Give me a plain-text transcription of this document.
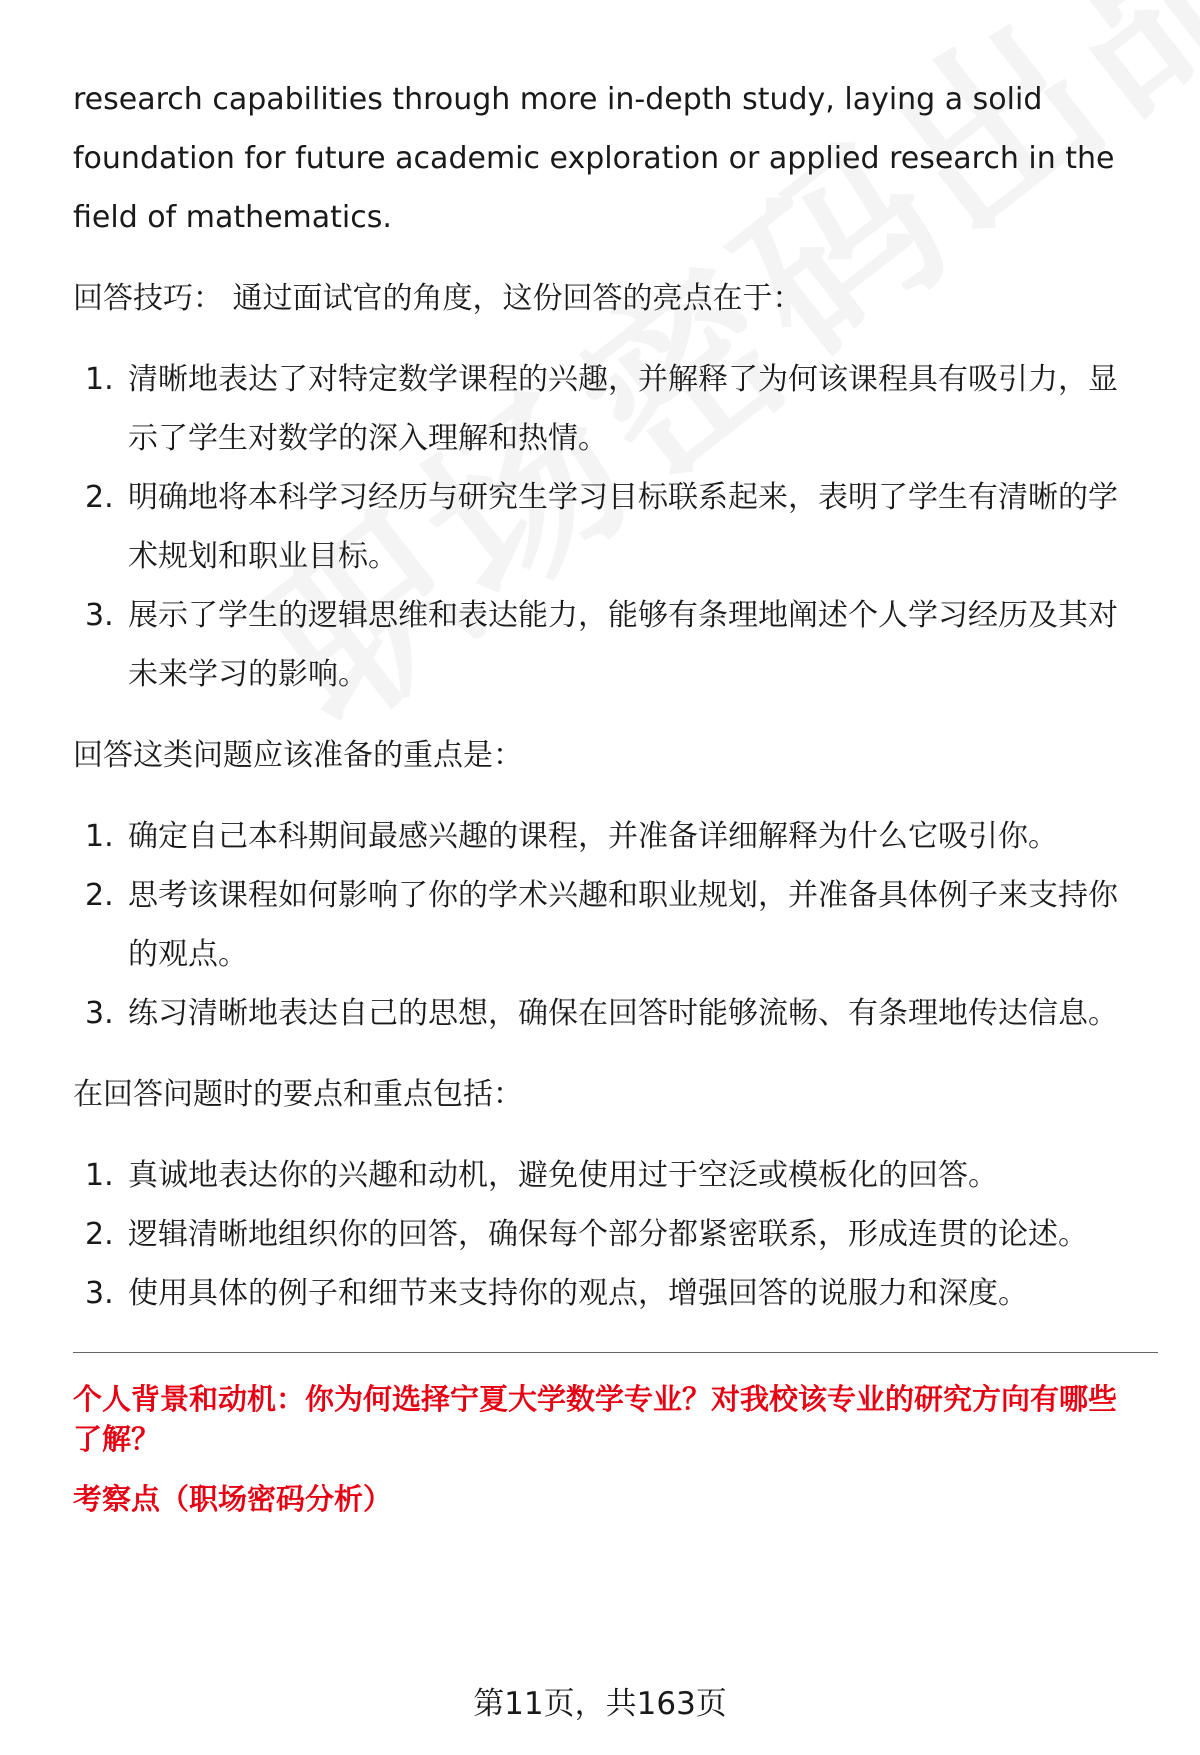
research capabilities through more in-depth study, laying a solid foundation for future academic exploration or applied research in the field of mathematics.

回答技巧： 通过面试官的角度，这份回答的亮点在于：

1. 清晰地表达了对特定数学课程的兴趣，并解释了为何该课程具有吸引力，显示了学生对数学的深入理解和热情。
2. 明确地将本科学习经历与研究生学习目标联系起来，表明了学生有清晰的学术规划和职业目标。
3. 展示了学生的逻辑思维和表达能力，能够有条理地阐述个人学习经历及其对未来学习的影响。

回答这类问题应该准备的重点是：

1. 确定自己本科期间最感兴趣的课程，并准备详细解释为什么它吸引你。
2. 思考该课程如何影响了你的学术兴趣和职业规划，并准备具体例子来支持你的观点。
3. 练习清晰地表达自己的思想，确保在回答时能够流畅、有条理地传达信息。

在回答问题时的要点和重点包括：

1. 真诚地表达你的兴趣和动机，避免使用过于空泛或模板化的回答。
2. 逻辑清晰地组织你的回答，确保每个部分都紧密联系，形成连贯的论述。
3. 使用具体的例子和细节来支持你的观点，增强回答的说服力和深度。

个人背景和动机：你为何选择宁夏大学数学专业？对我校该专业的研究方向有哪些了解？

考察点（职场密码分析）

第11页，共163页
